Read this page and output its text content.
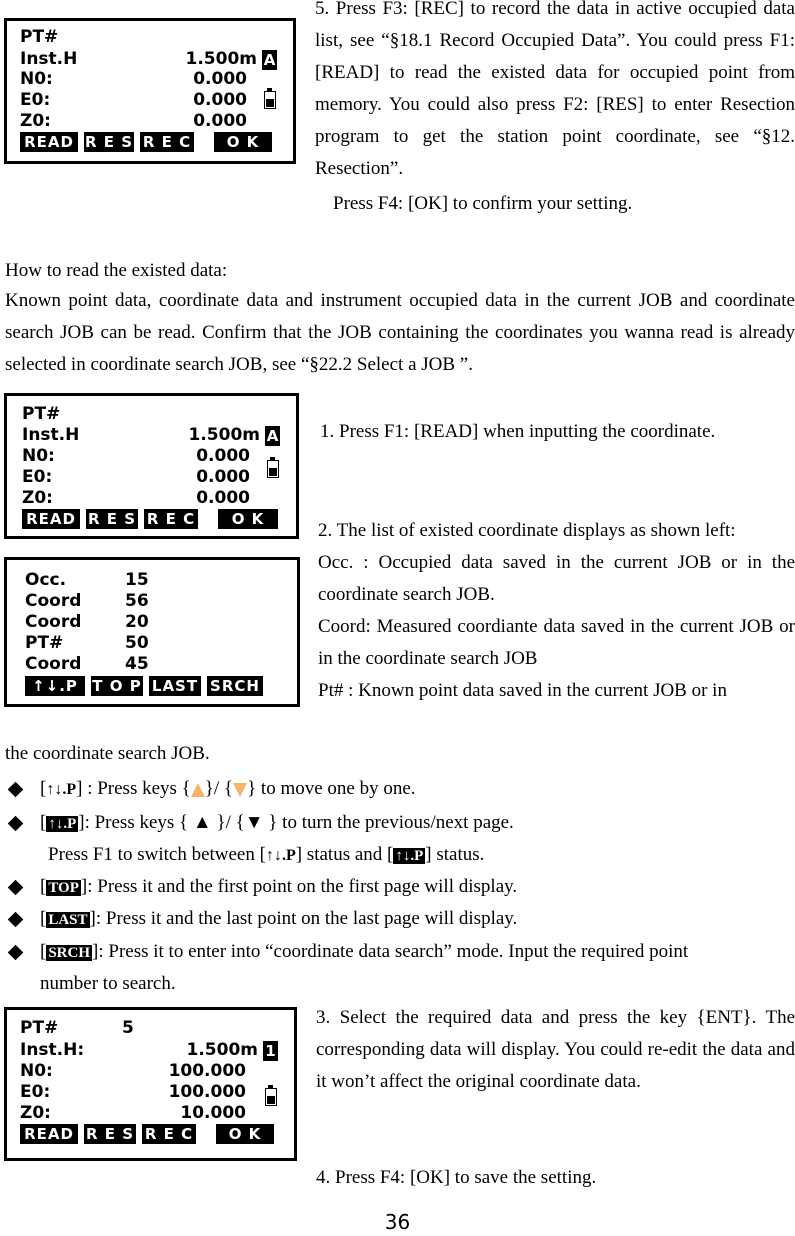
PT#
Inst.H	1.500m A
N0:	0.000
E0:	0.000
Z0:	0.000
READ R E S R E C	O K

5. Press F3: [REC] to record the data in active occupied data list, see “§18.1 Record Occupied Data”. You could press F1: [READ] to read the existed data for occupied point from memory. You could also press F2: [RES] to enter Resection program to get the station point coordinate, see “§12. Resection”.

Press F4: [OK] to confirm your setting.
How to read the existed data:
Known point data, coordinate data and instrument occupied data in the current JOB and coordinate search JOB can be read. Confirm that the JOB containing the coordinates you wanna read is already selected in coordinate search JOB, see “§22.2 Select a JOB ”.
PT#
Inst.H	1.500m A
N0:	0.000
E0:	0.000
Z0:	0.000
READ R E S R E C	O K
1. Press F1: [READ] when inputting the coordinate.
Occ.	15
Coord	56
Coord	20
PT#	50
Coord	45
↑↓.P T O P LAST SRCH

2. The list of existed coordinate displays as shown left:

Occ. : Occupied data saved in the current JOB or in the coordinate search JOB.

Coord: Measured coordiante data saved in the current JOB or in the coordinate search JOB

Pt# : Known point data saved in the current JOB or in

the coordinate search JOB.
[↑↓.P] : Press keys { }/ { } to move one by one.
[ ↑↓.P ]: Press keys { ▲ }/ {▼ } to turn the previous/next page.
Press F1 to switch between [↑↓.P] status and [ ↑↓.P ] status.
[ TOP ]: Press it and the first point on the first page will display.
[ LAST ]: Press it and the last point on the last page will display.
[ SRCH ]: Press it to enter into “coordinate data search” mode. Input the required point
number to search.
PT#	5
Inst.H:	1.500m 1
N0:	100.000
E0:	100.000
Z0:	10.000
READ R E S R E C	O K
3. Select the required data and press the key {ENT}. The corresponding data will display. You could re-edit the data and it won’t affect the original coordinate data.
4. Press F4: [OK] to save the setting.
36
